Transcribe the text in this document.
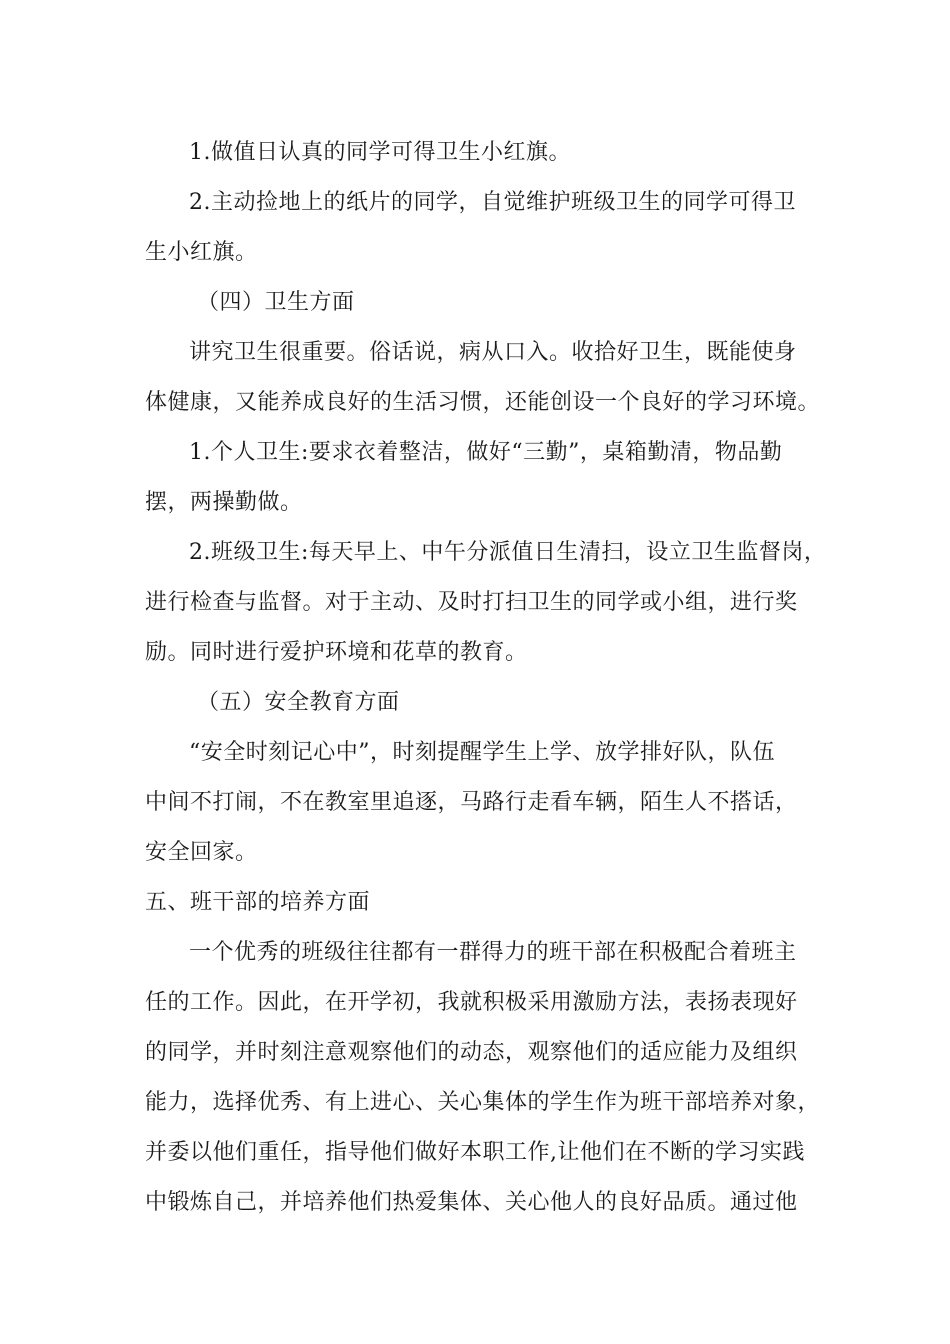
1.做值日认真的同学可得卫生小红旗。
2.主动捡地上的纸片的同学，自觉维护班级卫生的同学可得卫
生小红旗。
（四）卫生方面
讲究卫生很重要。俗话说，病从口入。收拾好卫生，既能使身
体健康，又能养成良好的生活习惯，还能创设一个良好的学习环境。
1.个人卫生:要求衣着整洁，做好“三勤”，桌箱勤清，物品勤
摆，两操勤做。
2.班级卫生:每天早上、中午分派值日生清扫，设立卫生监督岗，
进行检查与监督。对于主动、及时打扫卫生的同学或小组，进行奖
励。同时进行爱护环境和花草的教育。
（五）安全教育方面
“安全时刻记心中”，时刻提醒学生上学、放学排好队，队伍
中间不打闹，不在教室里追逐，马路行走看车辆，陌生人不搭话，
安全回家。
五、班干部的培养方面
一个优秀的班级往往都有一群得力的班干部在积极配合着班主
任的工作。因此，在开学初，我就积极采用激励方法，表扬表现好
的同学，并时刻注意观察他们的动态，观察他们的适应能力及组织
能力，选择优秀、有上进心、关心集体的学生作为班干部培养对象，
并委以他们重任，指导他们做好本职工作,让他们在不断的学习实践
中锻炼自己，并培养他们热爱集体、关心他人的良好品质。通过他
